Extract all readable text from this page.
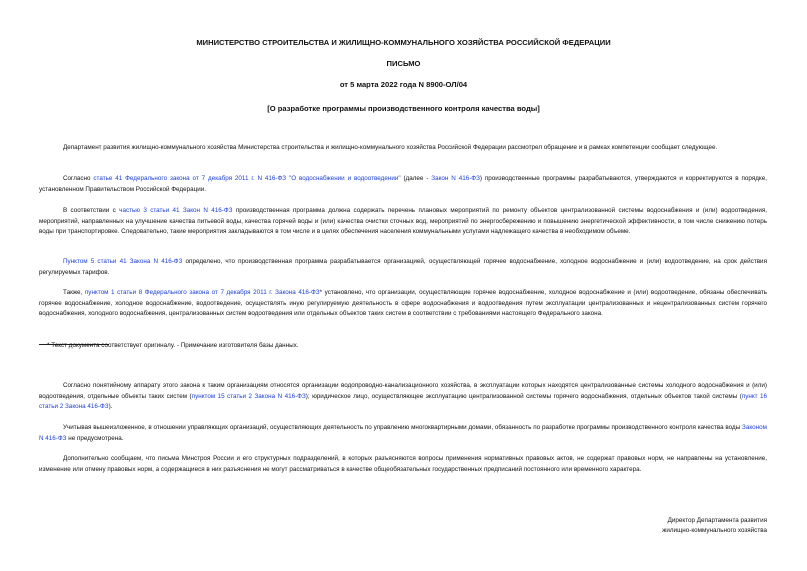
МИНИСТЕРСТВО СТРОИТЕЛЬСТВА И ЖИЛИЩНО-КОММУНАЛЬНОГО ХОЗЯЙСТВА РОССИЙСКОЙ ФЕДЕРАЦИИ
ПИСЬМО
от 5 марта 2022 года N 8900-ОЛ/04
[О разработке программы производственного контроля качества воды]
Департамент развития жилищно-коммунального хозяйства Министерства строительства и жилищно-коммунального хозяйства Российской Федерации рассмотрел обращение и в рамках компетенции сообщает следующее.
Согласно статье 41 Федерального закона от 7 декабря 2011 г. N 416-ФЗ "О водоснабжении и водоотведении" (далее - Закон N 416-ФЗ) производственные программы разрабатываются, утверждаются и корректируются в порядке, установленном Правительством Российской Федерации.
В соответствии с частью 3 статьи 41 Закон N 416-ФЗ производственная программа должна содержать перечень плановых мероприятий по ремонту объектов централизованной системы водоснабжения и (или) водоотведения, мероприятий, направленных на улучшение качества питьевой воды, качества горячей воды и (или) качества очистки сточных вод, мероприятий по энергосбережению и повышению энергетической эффективности, в том числе снижению потерь воды при транспортировке. Следовательно, такие мероприятия закладываются в том числе и в целях обеспечения населения коммунальными услугами надлежащего качества в необходимом объеме.
Пунктом 5 статьи 41 Закона N 416-ФЗ определено, что производственная программа разрабатывается организацией, осуществляющей горячее водоснабжение, холодное водоснабжение и (или) водоотведение, на срок действия регулируемых тарифов.
Также, пунктом 1 статьи 8 Федерального закона от 7 декабря 2011 г. Закона 416-ФЗ* установлено, что организации, осуществляющие горячее водоснабжение, холодное водоснабжение и (или) водоотведение, обязаны обеспечивать горячее водоснабжение, холодное водоснабжение, водоотведение, осуществлять иную регулируемую деятельность в сфере водоснабжения и водоотведения путем эксплуатации централизованных и нецентрализованных систем горячего водоснабжения, холодного водоснабжения, централизованных систем водоотведения или отдельных объектов таких систем в соответствии с требованиями настоящего Федерального закона.
* Текст документа соответствует оригиналу. - Примечание изготовителя базы данных.
Согласно понятийному аппарату этого закона к таким организациям относятся организации водопроводно-канализационного хозяйства, в эксплуатации которых находятся централизованные системы холодного водоснабжения и (или) водоотведения, отдельные объекты таких систем (пунктом 15 статьи 2 Закона N 416-ФЗ); юридическое лицо, осуществляющее эксплуатацию централизованной системы горячего водоснабжения, отдельных объектов такой системы (пункт 16 статьи 2 Закона 416-ФЗ).
Учитывая вышеизложенное, в отношении управляющих организаций, осуществляющих деятельность по управлению многоквартирными домами, обязанность по разработке программы производственного контроля качества воды Законом N 416-ФЗ не предусмотрена.
Дополнительно сообщаем, что письма Минстроя России и его структурных подразделений, в которых разъясняются вопросы применения нормативных правовых актов, не содержат правовых норм, не направлены на установление, изменение или отмену правовых норм, а содержащиеся в них разъяснения не могут рассматриваться в качестве общеобязательных государственных предписаний постоянного или временного характера.
Директор Департамента развития
жилищно-коммунального хозяйства
